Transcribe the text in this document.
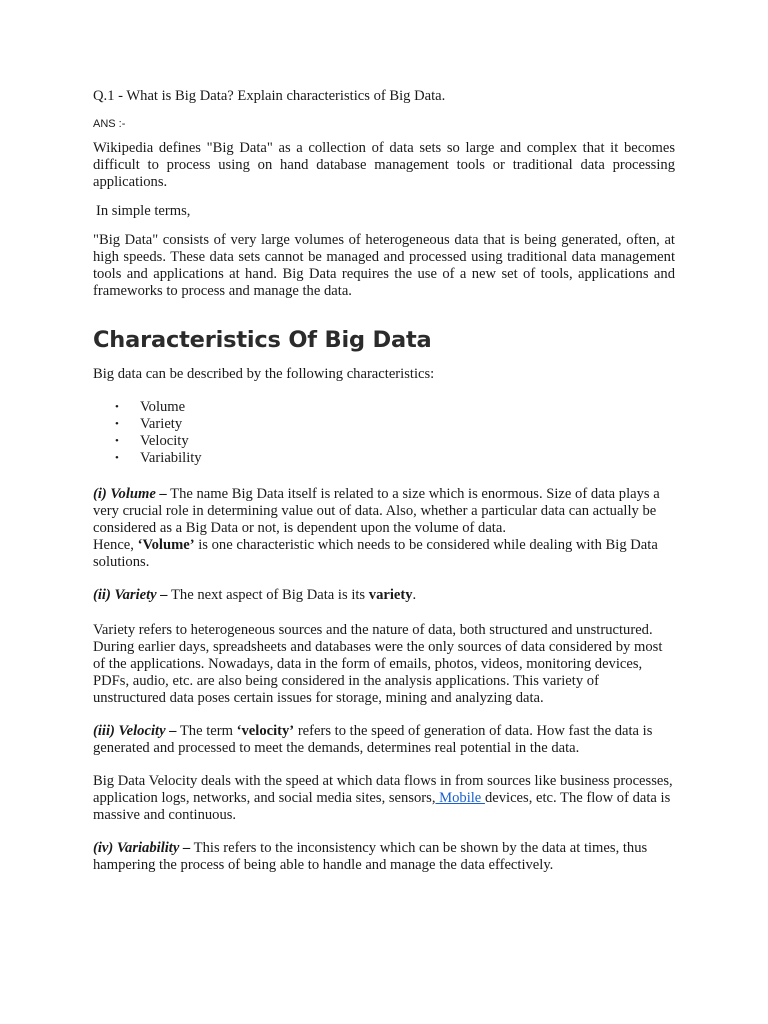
Q.1 - What is Big Data? Explain characteristics of Big Data.

ANS :-

Wikipedia defines "Big Data" as a collection of data sets so large and complex that it becomes difficult to process using on hand database management tools or traditional data processing applications.

In simple terms,

"Big Data" consists of very large volumes of heterogeneous data that is being generated, often, at high speeds. These data sets cannot be managed and processed using traditional data management tools and applications at hand. Big Data requires the use of a new set of tools, applications and frameworks to process and manage the data.

Characteristics Of Big Data

Big data can be described by the following characteristics:

• Volume
• Variety
• Velocity
• Variability

(i) Volume – The name Big Data itself is related to a size which is enormous. Size of data plays a very crucial role in determining value out of data. Also, whether a particular data can actually be considered as a Big Data or not, is dependent upon the volume of data.
Hence, ‘Volume’ is one characteristic which needs to be considered while dealing with Big Data solutions.

(ii) Variety – The next aspect of Big Data is its variety.

Variety refers to heterogeneous sources and the nature of data, both structured and unstructured. During earlier days, spreadsheets and databases were the only sources of data considered by most of the applications. Nowadays, data in the form of emails, photos, videos, monitoring devices, PDFs, audio, etc. are also being considered in the analysis applications. This variety of unstructured data poses certain issues for storage, mining and analyzing data.

(iii) Velocity – The term ‘velocity’ refers to the speed of generation of data. How fast the data is generated and processed to meet the demands, determines real potential in the data.

Big Data Velocity deals with the speed at which data flows in from sources like business processes, application logs, networks, and social media sites, sensors, Mobile devices, etc. The flow of data is massive and continuous.

(iv) Variability – This refers to the inconsistency which can be shown by the data at times, thus hampering the process of being able to handle and manage the data effectively.
